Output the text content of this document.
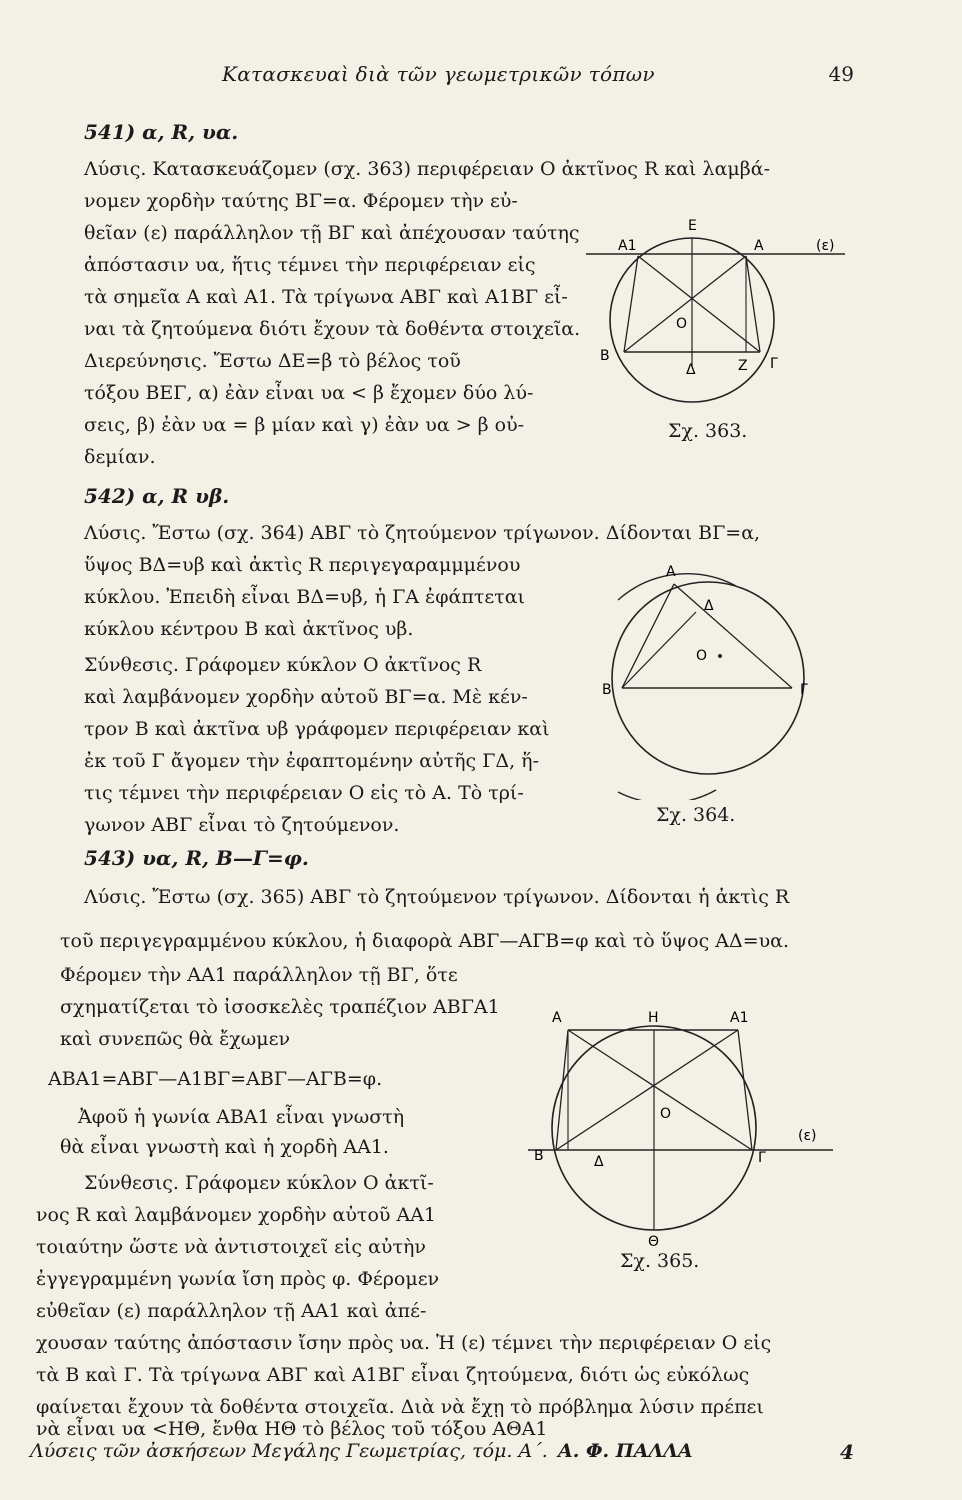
Κατασκευαὶ διὰ τῶν γεωμετρικῶν τόπων	49
541) α, R, υα.
Λύσις. Κατασκευάζομεν (σχ. 363) περιφέρειαν Ο ἀκτῖνος R καὶ λαμβά-
νομεν χορδὴν ταύτης ΒΓ=α. Φέρομεν τὴν εὐ-
θεῖαν (ε) παράλληλον τῇ ΒΓ καὶ ἀπέχουσαν ταύτης
ἀπόστασιν υα, ἥτις τέμνει τὴν περιφέρειαν εἰς
τὰ σημεῖα Α καὶ Α1. Τὰ τρίγωνα ΑΒΓ καὶ Α1ΒΓ εἶ-
ναι τὰ ζητούμενα διότι ἔχουν τὰ δοθέντα στοιχεῖα.
Διερεύνησις. Ἔστω ΔΕ=β τὸ βέλος τοῦ
τόξου ΒΕΓ, α) ἐὰν εἶναι υα < β ἔχομεν δύο λύ-
σεις, β) ἐὰν υα = β μίαν καὶ γ) ἐὰν υα > β οὐ-
δεμίαν.
Ε
Α1	Α	(ε)
Ο
Β
Δ	Ζ Γ
Σχ. 363.
542) α, R υβ.
Λύσις. Ἔστω (σχ. 364) ΑΒΓ τὸ ζητούμενον τρίγωνον. Δίδονται ΒΓ=α,
ὕψος ΒΔ=υβ καὶ ἀκτὶς R περιγεγαραμμμένου
κύκλου. Ἐπειδὴ εἶναι ΒΔ=υβ, ἡ ΓΑ ἐφάπτεται
κύκλου κέντρου Β καὶ ἀκτῖνος υβ.
Σύνθεσις. Γράφομεν κύκλον Ο ἀκτῖνος R
καὶ λαμβάνομεν χορδὴν αὐτοῦ ΒΓ=α. Μὲ κέν-
τρον Β καὶ ἀκτῖνα υβ γράφομεν περιφέρειαν καὶ
ἐκ τοῦ Γ ἄγομεν τὴν ἐφαπτομένην αὐτῆς ΓΔ, ἥ-
τις τέμνει τὴν περιφέρειαν Ο εἰς τὸ Α. Τὸ τρί-
γωνον ΑΒΓ εἶναι τὸ ζητούμενον.
Α
Δ
Ο
Β	Γ
Σχ. 364.
543) υα, R, Β—Γ=φ.
Λύσις. Ἔστω (σχ. 365) ΑΒΓ τὸ ζητούμενον τρίγωνον. Δίδονται ἡ ἀκτὶς R
τοῦ περιγεγραμμένου κύκλου, ἡ διαφορὰ ΑΒΓ—ΑΓΒ=φ καὶ τὸ ὕψος ΑΔ=υα.
Φέρομεν τὴν ΑΑ1 παράλληλον τῇ ΒΓ, ὅτε
σχηματίζεται τὸ ἰσοσκελὲς τραπέζιον ΑΒΓΑ1
καὶ συνεπῶς θὰ ἔχωμεν
ΑΒΑ1=ΑΒΓ—Α1ΒΓ=ΑΒΓ—ΑΓΒ=φ.
Ἀφοῦ ἡ γωνία ΑΒΑ1 εἶναι γνωστὴ
θὰ εἶναι γνωστὴ καὶ ἡ χορδὴ ΑΑ1.
Σύνθεσις. Γράφομεν κύκλον Ο ἀκτῖ-
νος R καὶ λαμβάνομεν χορδὴν αὐτοῦ ΑΑ1
τοιαύτην ὥστε νὰ ἀντιστοιχεῖ εἰς αὐτὴν
ἐγγεγραμμένη γωνία ἴση πρὸς φ. Φέρομεν
εὐθεῖαν (ε) παράλληλον τῇ ΑΑ1 καὶ ἀπέ-
χουσαν ταύτης ἀπόστασιν ἴσην πρὸς υα. Ἡ (ε) τέμνει τὴν περιφέρειαν Ο εἰς
τὰ Β καὶ Γ. Τὰ τρίγωνα ΑΒΓ καὶ Α1ΒΓ εἶναι ζητούμενα, διότι ὡς εὐκόλως
φαίνεται ἔχουν τὰ δοθέντα στοιχεῖα. Διὰ νὰ ἔχῃ τὸ πρόβλημα λύσιν πρέπει
νὰ εἶναι υα <ΗΘ, ἔνθα ΗΘ τὸ βέλος τοῦ τόξου ΑΘΑ1
Α	Η	Α1
Ο
(ε)
Β	Δ	Γ
Θ
Σχ. 365.
Λύσεις τῶν ἀσκήσεων Μεγάλης Γεωμετρίας, τόμ. Α΄. Α. Φ. ΠΑΛΛΑ	4
